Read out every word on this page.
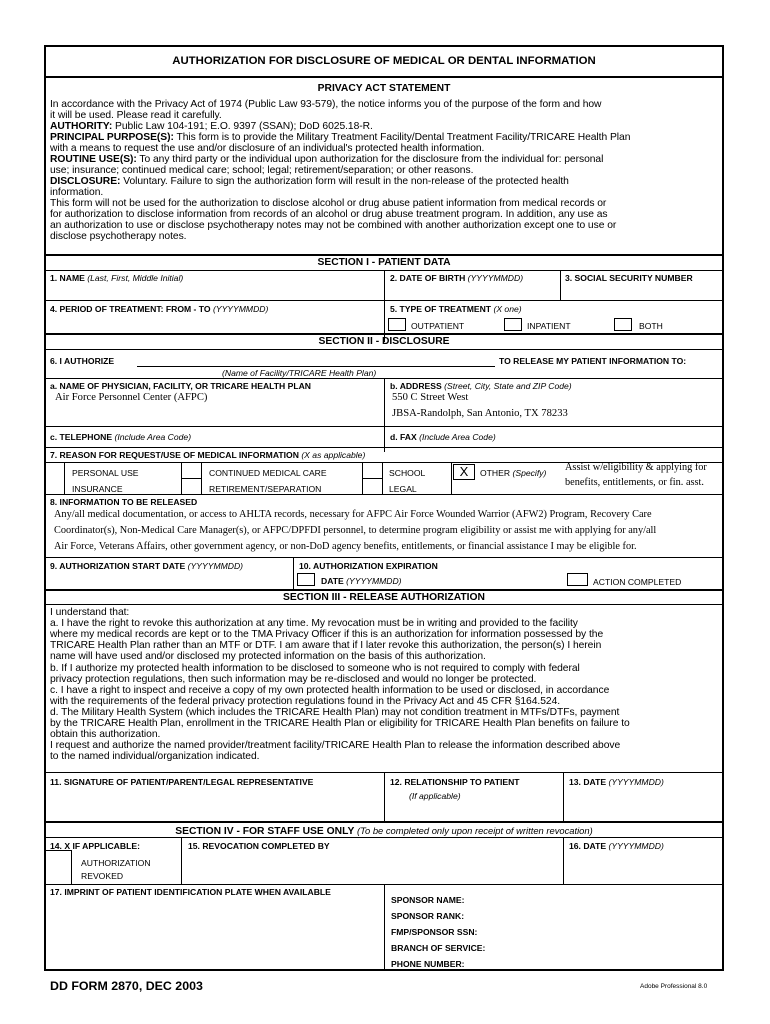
AUTHORIZATION FOR DISCLOSURE OF MEDICAL OR DENTAL INFORMATION
PRIVACY ACT STATEMENT
In accordance with the Privacy Act of 1974 (Public Law 93-579), the notice informs you of the purpose of the form and how
it will be used. Please read it carefully.
AUTHORITY: Public Law 104-191; E.O. 9397 (SSAN); DoD 6025.18-R.
PRINCIPAL PURPOSE(S): This form is to provide the Military Treatment Facility/Dental Treatment Facility/TRICARE Health Plan
with a means to request the use and/or disclosure of an individual's protected health information.
ROUTINE USE(S): To any third party or the individual upon authorization for the disclosure from the individual for: personal
use; insurance; continued medical care; school; legal; retirement/separation; or other reasons.
DISCLOSURE: Voluntary. Failure to sign the authorization form will result in the non-release of the protected health
information.
This form will not be used for the authorization to disclose alcohol or drug abuse patient information from medical records or
for authorization to disclose information from records of an alcohol or drug abuse treatment program. In addition, any use as
an authorization to use or disclose psychotherapy notes may not be combined with another authorization except one to use or
disclose psychotherapy notes.
SECTION I - PATIENT DATA
1. NAME (Last, First, Middle Initial)	2. DATE OF BIRTH (YYYYMMDD)	3. SOCIAL SECURITY NUMBER
4. PERIOD OF TREATMENT: FROM - TO (YYYYMMDD)	5. TYPE OF TREATMENT (X one)
OUTPATIENT	INPATIENT	BOTH
SECTION II - DISCLOSURE
6. I AUTHORIZE	TO RELEASE MY PATIENT INFORMATION TO:
(Name of Facility/TRICARE Health Plan)
a. NAME OF PHYSICIAN, FACILITY, OR TRICARE HEALTH PLAN
Air Force Personnel Center (AFPC)
b. ADDRESS (Street, City, State and ZIP Code)
550 C Street West
JBSA-Randolph, San Antonio, TX 78233
c. TELEPHONE (Include Area Code)	d. FAX (Include Area Code)
7. REASON FOR REQUEST/USE OF MEDICAL INFORMATION (X as applicable)
PERSONAL USE	CONTINUED MEDICAL CARE	SCHOOL	X	OTHER (Specify) Assist w/eligibility & applying for
benefits, entitlements, or fin. asst.
INSURANCE	RETIREMENT/SEPARATION	LEGAL
8. INFORMATION TO BE RELEASED
Any/all medical documentation, or access to AHLTA records, necessary for AFPC Air Force Wounded Warrior (AFW2) Program, Recovery Care
Coordinator(s), Non-Medical Care Manager(s), or AFPC/DPFDI personnel, to determine program eligibility or assist me with applying for any/all
Air Force, Veterans Affairs, other government agency, or non-DoD agency benefits, entitlements, or financial assistance I may be eligible for.
9. AUTHORIZATION START DATE (YYYYMMDD)	10. AUTHORIZATION EXPIRATION
DATE (YYYYMMDD)	ACTION COMPLETED
SECTION III - RELEASE AUTHORIZATION
I understand that:
a. I have the right to revoke this authorization at any time. My revocation must be in writing and provided to the facility
where my medical records are kept or to the TMA Privacy Officer if this is an authorization for information possessed by the
TRICARE Health Plan rather than an MTF or DTF. I am aware that if I later revoke this authorization, the person(s) I herein
name will have used and/or disclosed my protected information on the basis of this authorization.
b. If I authorize my protected health information to be disclosed to someone who is not required to comply with federal
privacy protection regulations, then such information may be re-disclosed and would no longer be protected.
c. I have a right to inspect and receive a copy of my own protected health information to be used or disclosed, in accordance
with the requirements of the federal privacy protection regulations found in the Privacy Act and 45 CFR §164.524.
d. The Military Health System (which includes the TRICARE Health Plan) may not condition treatment in MTFs/DTFs, payment
by the TRICARE Health Plan, enrollment in the TRICARE Health Plan or eligibility for TRICARE Health Plan benefits on failure to
obtain this authorization.
I request and authorize the named provider/treatment facility/TRICARE Health Plan to release the information described above
to the named individual/organization indicated.
11. SIGNATURE OF PATIENT/PARENT/LEGAL REPRESENTATIVE	12. RELATIONSHIP TO PATIENT
(If applicable)
13. DATE (YYYYMMDD)
SECTION IV - FOR STAFF USE ONLY (To be completed only upon receipt of written revocation)
14. X IF APPLICABLE:
AUTHORIZATION
REVOKED
15. REVOCATION COMPLETED BY	16. DATE (YYYYMMDD)
17. IMPRINT OF PATIENT IDENTIFICATION PLATE WHEN AVAILABLE
SPONSOR NAME:
SPONSOR RANK:
FMP/SPONSOR SSN:
BRANCH OF SERVICE:
PHONE NUMBER:
DD FORM 2870, DEC 2003	Adobe Professional 8.0
